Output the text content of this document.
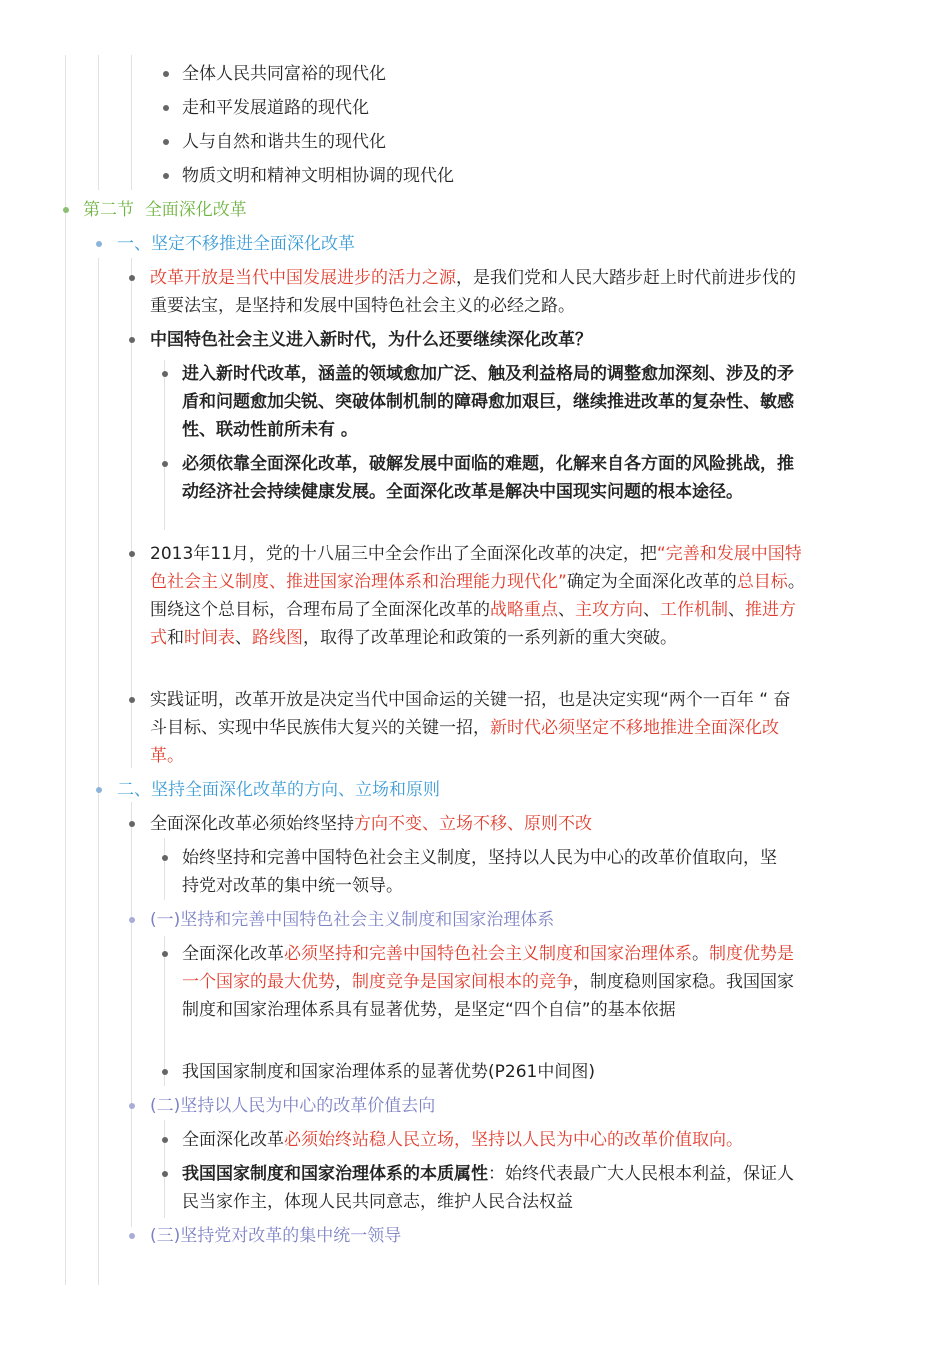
全体人民共同富裕的现代化
走和平发展道路的现代化
人与自然和谐共生的现代化
物质文明和精神文明相协调的现代化
第二节 全面深化改革
一、坚定不移推进全面深化改革
改革开放是当代中国发展进步的活力之源，是我们党和人民大踏步赶上时代前进步伐的重要法宝，是坚持和发展中国特色社会主义的必经之路。
中国特色社会主义进入新时代，为什么还要继续深化改革？
进入新时代改革，涵盖的领域愈加广泛、触及利益格局的调整愈加深刻、涉及的矛盾和问题愈加尖锐、突破体制机制的障碍愈加艰巨，继续推进改革的复杂性、敏感性、联动性前所未有 。
必须依靠全面深化改革，破解发展中面临的难题，化解来自各方面的风险挑战，推动经济社会持续健康发展。全面深化改革是解决中国现实问题的根本途径。
2013年11月，党的十八届三中全会作出了全面深化改革的决定，把“完善和发展中国特色社会主义制度、推进国家治理体系和治理能力现代化”确定为全面深化改革的总目标。围绕这个总目标，合理布局了全面深化改革的战略重点、主攻方向、工作机制、推进方式和时间表、路线图，取得了改革理论和政策的一系列新的重大突破。
实践证明，改革开放是决定当代中国命运的关键一招，也是决定实现“两个一百年 “ 奋斗目标、实现中华民族伟大复兴的关键一招，新时代必须坚定不移地推进全面深化改革。
二、坚持全面深化改革的方向、立场和原则
全面深化改革必须始终坚持方向不变、立场不移、原则不改
始终坚持和完善中国特色社会主义制度，坚持以人民为中心的改革价值取向，坚持党对改革的集中统一领导。
(一)坚持和完善中国特色社会主义制度和国家治理体系
全面深化改革必须坚持和完善中国特色社会主义制度和国家治理体系。制度优势是一个国家的最大优势，制度竞争是国家间根本的竞争，制度稳则国家稳。我国国家制度和国家治理体系具有显著优势，是坚定“四个自信”的基本依据
我国国家制度和国家治理体系的显著优势(P261中间图)
(二)坚持以人民为中心的改革价值去向
全面深化改革必须始终站稳人民立场，坚持以人民为中心的改革价值取向。
我国国家制度和国家治理体系的本质属性：始终代表最广大人民根本利益，保证人民当家作主，体现人民共同意志，维护人民合法权益
(三)坚持党对改革的集中统一领导
